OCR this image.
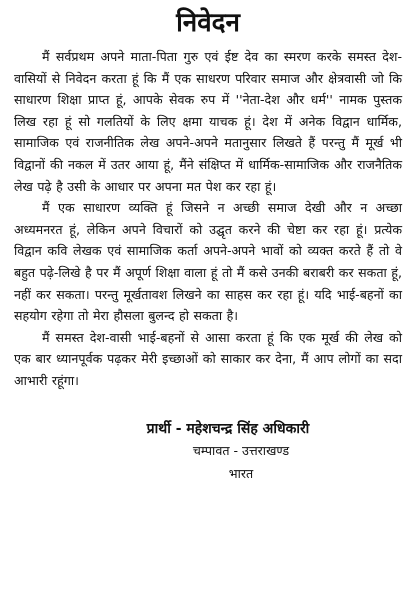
निवेदन

मैं सर्वप्रथम अपने माता-पिता गुरु एवं ईष्ट देव का स्मरण करके समस्त देश-वासियों से निवेदन करता हूं कि मैं एक साधरण परिवार समाज और क्षेत्रवासी जो कि साधारण शिक्षा प्राप्त हूं, आपके सेवक रुप में ''नेता-देश और धर्म'' नामक पुस्तक लिख रहा हूं सो गलतियों के लिए क्षमा याचक हूं। देश में अनेक विद्वान धार्मिक, सामाजिक एवं राजनीतिक लेख अपने-अपने मतानुसार लिखते हैं परन्तु मैं मूर्ख भी विद्वानों की नकल में उतर आया हूं, मैंने संक्षिप्त में धार्मिक-सामाजिक और राजनैतिक लेख पढ़े है उसी के आधार पर अपना मत पेश कर रहा हूं।

मैं एक साधारण व्यक्ति हूं जिसने न अच्छी समाज देखी और न अच्छा अध्यमनरत हूं, लेकिन अपने विचारों को उद्घृत करने की चेष्टा कर रहा हूं। प्रत्येक विद्वान कवि लेखक एवं सामाजिक कर्ता अपने-अपने भावों को व्यक्त करते हैं तो वे बहुत पढ़े-लिखे है पर मैं अपूर्ण शिक्षा वाला हूं तो मैं कसे उनकी बराबरी कर सकता हूं, नहीं कर सकता। परन्तु मूर्खतावश लिखने का साहस कर रहा हूं। यदि भाई-बहनों का सहयोग रहेगा तो मेरा हौसला बुलन्द हो सकता है।

मैं समस्त देश-वासी भाई-बहनों से आसा करता हूं कि एक मूर्ख की लेख को एक बार ध्यानपूर्वक पढ़कर मेरी इच्छाओं को साकार कर देना, मैं आप लोगों का सदा आभारी रहूंगा।

प्रार्थी - महेशचन्द्र सिंह अधिकारी
चम्पावत - उत्तराखण्ड
भारत
